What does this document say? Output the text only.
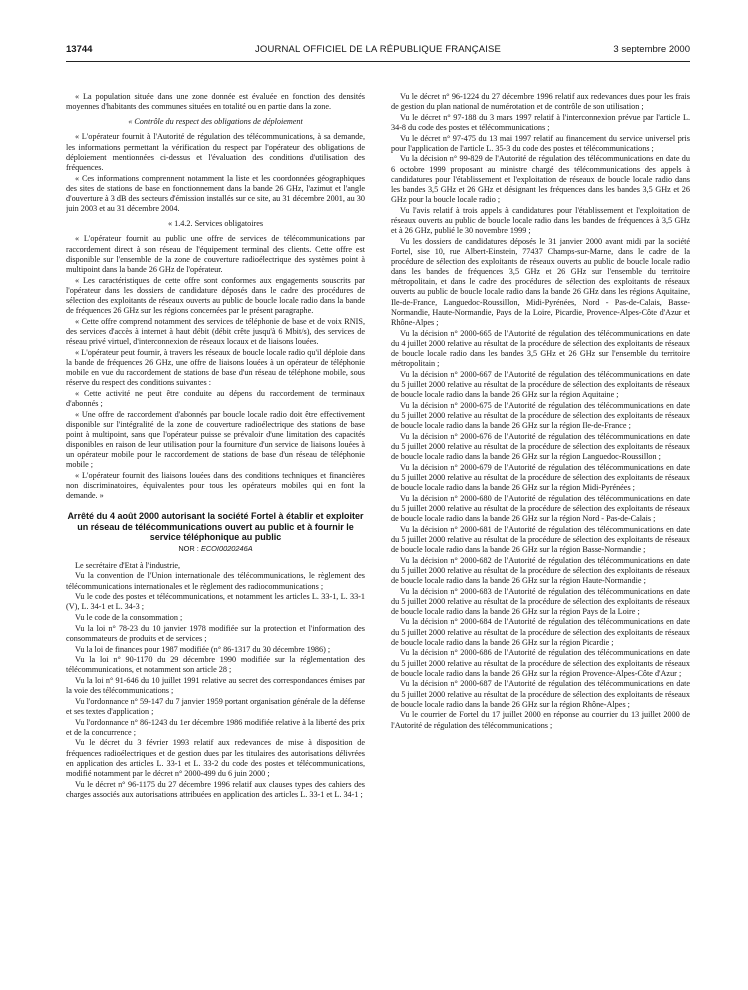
13744	JOURNAL OFFICIEL DE LA RÉPUBLIQUE FRANÇAISE	3 septembre 2000

« La population située dans une zone donnée est évaluée en fonction des densités moyennes d'habitants des communes situées en totalité ou en partie dans la zone.

« Contrôle du respect des obligations de déploiement

« L'opérateur fournit à l'Autorité de régulation des télécommunications, à sa demande, les informations permettant la vérification du respect par l'opérateur des obligations de déploiement mentionnées ci-dessus et l'évaluation des conditions d'utilisation des fréquences.

« Ces informations comprennent notamment la liste et les coordonnées géographiques des sites de stations de base en fonctionnement dans la bande 26 GHz, l'azimut et l'angle d'ouverture à 3 dB des secteurs d'émission installés sur ce site, au 31 décembre 2001, au 30 juin 2003 et au 31 décembre 2004.

« 1.4.2. Services obligatoires

« L'opérateur fournit au public une offre de services de télécommunications par raccordement direct à son réseau de l'équipement terminal des clients. Cette offre est disponible sur l'ensemble de la zone de couverture radioélectrique des systèmes point à multipoint dans la bande 26 GHz de l'opérateur.

« Les caractéristiques de cette offre sont conformes aux engagements souscrits par l'opérateur dans les dossiers de candidature déposés dans le cadre des procédures de sélection des exploitants de réseaux ouverts au public de boucle locale radio dans la bande de fréquences 26 GHz sur les régions concernées par le présent paragraphe.

« Cette offre comprend notamment des services de téléphonie de base et de voix RNIS, des services d'accès à internet à haut débit (débit crête jusqu'à 6 Mbit/s), des services de réseau privé virtuel, d'interconnexion de réseaux locaux et de liaisons louées.

« L'opérateur peut fournir, à travers les réseaux de boucle locale radio qu'il déploie dans la bande de fréquences 26 GHz, une offre de liaisons louées à un opérateur de téléphonie mobile en vue du raccordement de stations de base d'un réseau de téléphone mobile, sous réserve du respect des conditions suivantes :

« Cette activité ne peut être conduite au dépens du raccordement de terminaux d'abonnés ;

« Une offre de raccordement d'abonnés par boucle locale radio doit être effectivement disponible sur l'intégralité de la zone de couverture radioélectrique des stations de base point à multipoint, sans que l'opérateur puisse se prévaloir d'une limitation des capacités disponibles en raison de leur utilisation pour la fourniture d'un service de liaisons louées à un opérateur mobile pour le raccordement de stations de base d'un réseau de téléphonie mobile ;

« L'opérateur fournit des liaisons louées dans des conditions techniques et financières non discriminatoires, équivalentes pour tous les opérateurs mobiles qui en font la demande. »

Arrêté du 4 août 2000 autorisant la société Fortel à établir et exploiter un réseau de télécommunications ouvert au public et à fournir le service téléphonique au public
NOR : ECOI0020246A

Le secrétaire d'Etat à l'industrie,

Vu la convention de l'Union internationale des télécommunications, le règlement des télécommunications internationales et le règlement des radiocommunications ;

Vu le code des postes et télécommunications, et notamment les articles L. 33-1, L. 33-1 (V), L. 34-1 et L. 34-3 ;

Vu le code de la consommation ;

Vu la loi n° 78-23 du 10 janvier 1978 modifiée sur la protection et l'information des consommateurs de produits et de services ;

Vu la loi de finances pour 1987 modifiée (n° 86-1317 du 30 décembre 1986) ;

Vu la loi n° 90-1170 du 29 décembre 1990 modifiée sur la réglementation des télécommunications, et notamment son article 28 ;

Vu la loi n° 91-646 du 10 juillet 1991 relative au secret des correspondances émises par la voie des télécommunications ;

Vu l'ordonnance n° 59-147 du 7 janvier 1959 portant organisation générale de la défense et ses textes d'application ;

Vu l'ordonnance n° 86-1243 du 1er décembre 1986 modifiée relative à la liberté des prix et de la concurrence ;

Vu le décret du 3 février 1993 relatif aux redevances de mise à disposition de fréquences radioélectriques et de gestion dues par les titulaires des autorisations délivrées en application des articles L. 33-1 et L. 33-2 du code des postes et télécommunications, modifié notamment par le décret n° 2000-499 du 6 juin 2000 ;

Vu le décret n° 96-1175 du 27 décembre 1996 relatif aux clauses types des cahiers des charges associés aux autorisations attribuées en application des articles L. 33-1 et L. 34-1 ;

Vu le décret n° 96-1224 du 27 décembre 1996 relatif aux redevances dues pour les frais de gestion du plan national de numérotation et de contrôle de son utilisation ;

Vu le décret n° 97-188 du 3 mars 1997 relatif à l'interconnexion prévue par l'article L. 34-8 du code des postes et télécommunications ;

Vu le décret n° 97-475 du 13 mai 1997 relatif au financement du service universel pris pour l'application de l'article L. 35-3 du code des postes et télécommunications ;

Vu la décision n° 99-829 de l'Autorité de régulation des télécommunications en date du 6 octobre 1999 proposant au ministre chargé des télécommunications des appels à candidatures pour l'établissement et l'exploitation de réseaux de boucle locale radio dans les bandes 3,5 GHz et 26 GHz et désignant les fréquences dans les bandes 3,5 GHz et 26 GHz pour la boucle locale radio ;

Vu l'avis relatif à trois appels à candidatures pour l'établissement et l'exploitation de réseaux ouverts au public de boucle locale radio dans les bandes de fréquences à 3,5 GHz et à 26 GHz, publié le 30 novembre 1999 ;

Vu les dossiers de candidatures déposés le 31 janvier 2000 avant midi par la société Fortel, sise 10, rue Albert-Einstein, 77437 Champs-sur-Marne, dans le cadre de la procédure de sélection des exploitants de réseaux ouverts au public de boucle locale radio dans les bandes de fréquences 3,5 GHz et 26 GHz sur l'ensemble du territoire métropolitain, et dans le cadre des procédures de sélection des exploitants de réseaux ouverts au public de boucle locale radio dans la bande 26 GHz dans les régions Aquitaine, Ile-de-France, Languedoc-Roussillon, Midi-Pyrénées, Nord - Pas-de-Calais, Basse-Normandie, Haute-Normandie, Pays de la Loire, Picardie, Provence-Alpes-Côte d'Azur et Rhône-Alpes ;

Vu la décision n° 2000-665 de l'Autorité de régulation des télécommunications en date du 4 juillet 2000 relative au résultat de la procédure de sélection des exploitants de réseaux de boucle locale radio dans les bandes 3,5 GHz et 26 GHz sur l'ensemble du territoire métropolitain ;

Vu la décision n° 2000-667 de l'Autorité de régulation des télécommunications en date du 5 juillet 2000 relative au résultat de la procédure de sélection des exploitants de réseaux de boucle locale radio dans la bande 26 GHz sur la région Aquitaine ;

Vu la décision n° 2000-675 de l'Autorité de régulation des télécommunications en date du 5 juillet 2000 relative au résultat de la procédure de sélection des exploitants de réseaux de boucle locale radio dans la bande 26 GHz sur la région Ile-de-France ;

Vu la décision n° 2000-676 de l'Autorité de régulation des télécommunications en date du 5 juillet 2000 relative au résultat de la procédure de sélection des exploitants de réseaux de boucle locale radio dans la bande 26 GHz sur la région Languedoc-Roussillon ;

Vu la décision n° 2000-679 de l'Autorité de régulation des télécommunications en date du 5 juillet 2000 relative au résultat de la procédure de sélection des exploitants de réseaux de boucle locale radio dans la bande 26 GHz sur la région Midi-Pyrénées ;

Vu la décision n° 2000-680 de l'Autorité de régulation des télécommunications en date du 5 juillet 2000 relative au résultat de la procédure de sélection des exploitants de réseaux de boucle locale radio dans la bande 26 GHz sur la région Nord - Pas-de-Calais ;

Vu la décision n° 2000-681 de l'Autorité de régulation des télécommunications en date du 5 juillet 2000 relative au résultat de la procédure de sélection des exploitants de réseaux de boucle locale radio dans la bande 26 GHz sur la région Basse-Normandie ;

Vu la décision n° 2000-682 de l'Autorité de régulation des télécommunications en date du 5 juillet 2000 relative au résultat de la procédure de sélection des exploitants de réseaux de boucle locale radio dans la bande 26 GHz sur la région Haute-Normandie ;

Vu la décision n° 2000-683 de l'Autorité de régulation des télécommunications en date du 5 juillet 2000 relative au résultat de la procédure de sélection des exploitants de réseaux de boucle locale radio dans la bande 26 GHz sur la région Pays de la Loire ;

Vu la décision n° 2000-684 de l'Autorité de régulation des télécommunications en date du 5 juillet 2000 relative au résultat de la procédure de sélection des exploitants de réseaux de boucle locale radio dans la bande 26 GHz sur la région Picardie ;

Vu la décision n° 2000-686 de l'Autorité de régulation des télécommunications en date du 5 juillet 2000 relative au résultat de la procédure de sélection des exploitants de réseaux de boucle locale radio dans la bande 26 GHz sur la région Provence-Alpes-Côte d'Azur ;

Vu la décision n° 2000-687 de l'Autorité de régulation des télécommunications en date du 5 juillet 2000 relative au résultat de la procédure de sélection des exploitants de réseaux de boucle locale radio dans la bande 26 GHz sur la région Rhône-Alpes ;

Vu le courrier de Fortel du 17 juillet 2000 en réponse au courrier du 13 juillet 2000 de l'Autorité de régulation des télécommunications ;
